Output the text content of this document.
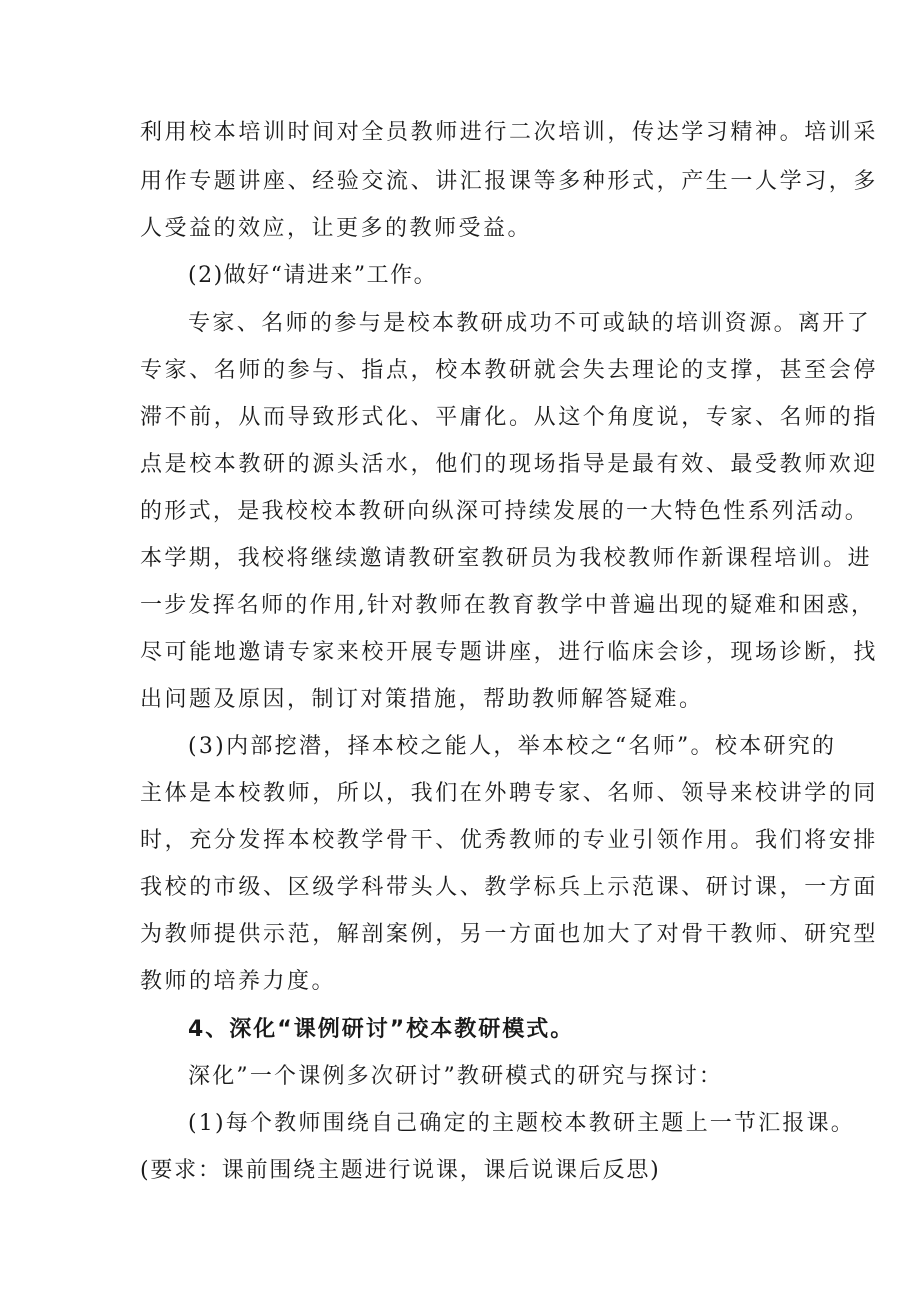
利用校本培训时间对全员教师进行二次培训，传达学习精神。培训采
用作专题讲座、经验交流、讲汇报课等多种形式，产生一人学习，多
人受益的效应，让更多的教师受益。
(2)做好“请进来”工作。
专家、名师的参与是校本教研成功不可或缺的培训资源。离开了
专家、名师的参与、指点，校本教研就会失去理论的支撑，甚至会停
滞不前，从而导致形式化、平庸化。从这个角度说，专家、名师的指
点是校本教研的源头活水，他们的现场指导是最有效、最受教师欢迎
的形式，是我校校本教研向纵深可持续发展的一大特色性系列活动。
本学期，我校将继续邀请教研室教研员为我校教师作新课程培训。进
一步发挥名师的作用,针对教师在教育教学中普遍出现的疑难和困惑，
尽可能地邀请专家来校开展专题讲座，进行临床会诊，现场诊断，找
出问题及原因，制订对策措施，帮助教师解答疑难。
(3)内部挖潜，择本校之能人，举本校之“名师”。校本研究的
主体是本校教师，所以，我们在外聘专家、名师、领导来校讲学的同
时，充分发挥本校教学骨干、优秀教师的专业引领作用。我们将安排
我校的市级、区级学科带头人、教学标兵上示范课、研讨课，一方面
为教师提供示范，解剖案例，另一方面也加大了对骨干教师、研究型
教师的培养力度。
4、深化“课例研讨”校本教研模式。
深化”一个课例多次研讨”教研模式的研究与探讨：
(1)每个教师围绕自己确定的主题校本教研主题上一节汇报课。
(要求：课前围绕主题进行说课，课后说课后反思)
